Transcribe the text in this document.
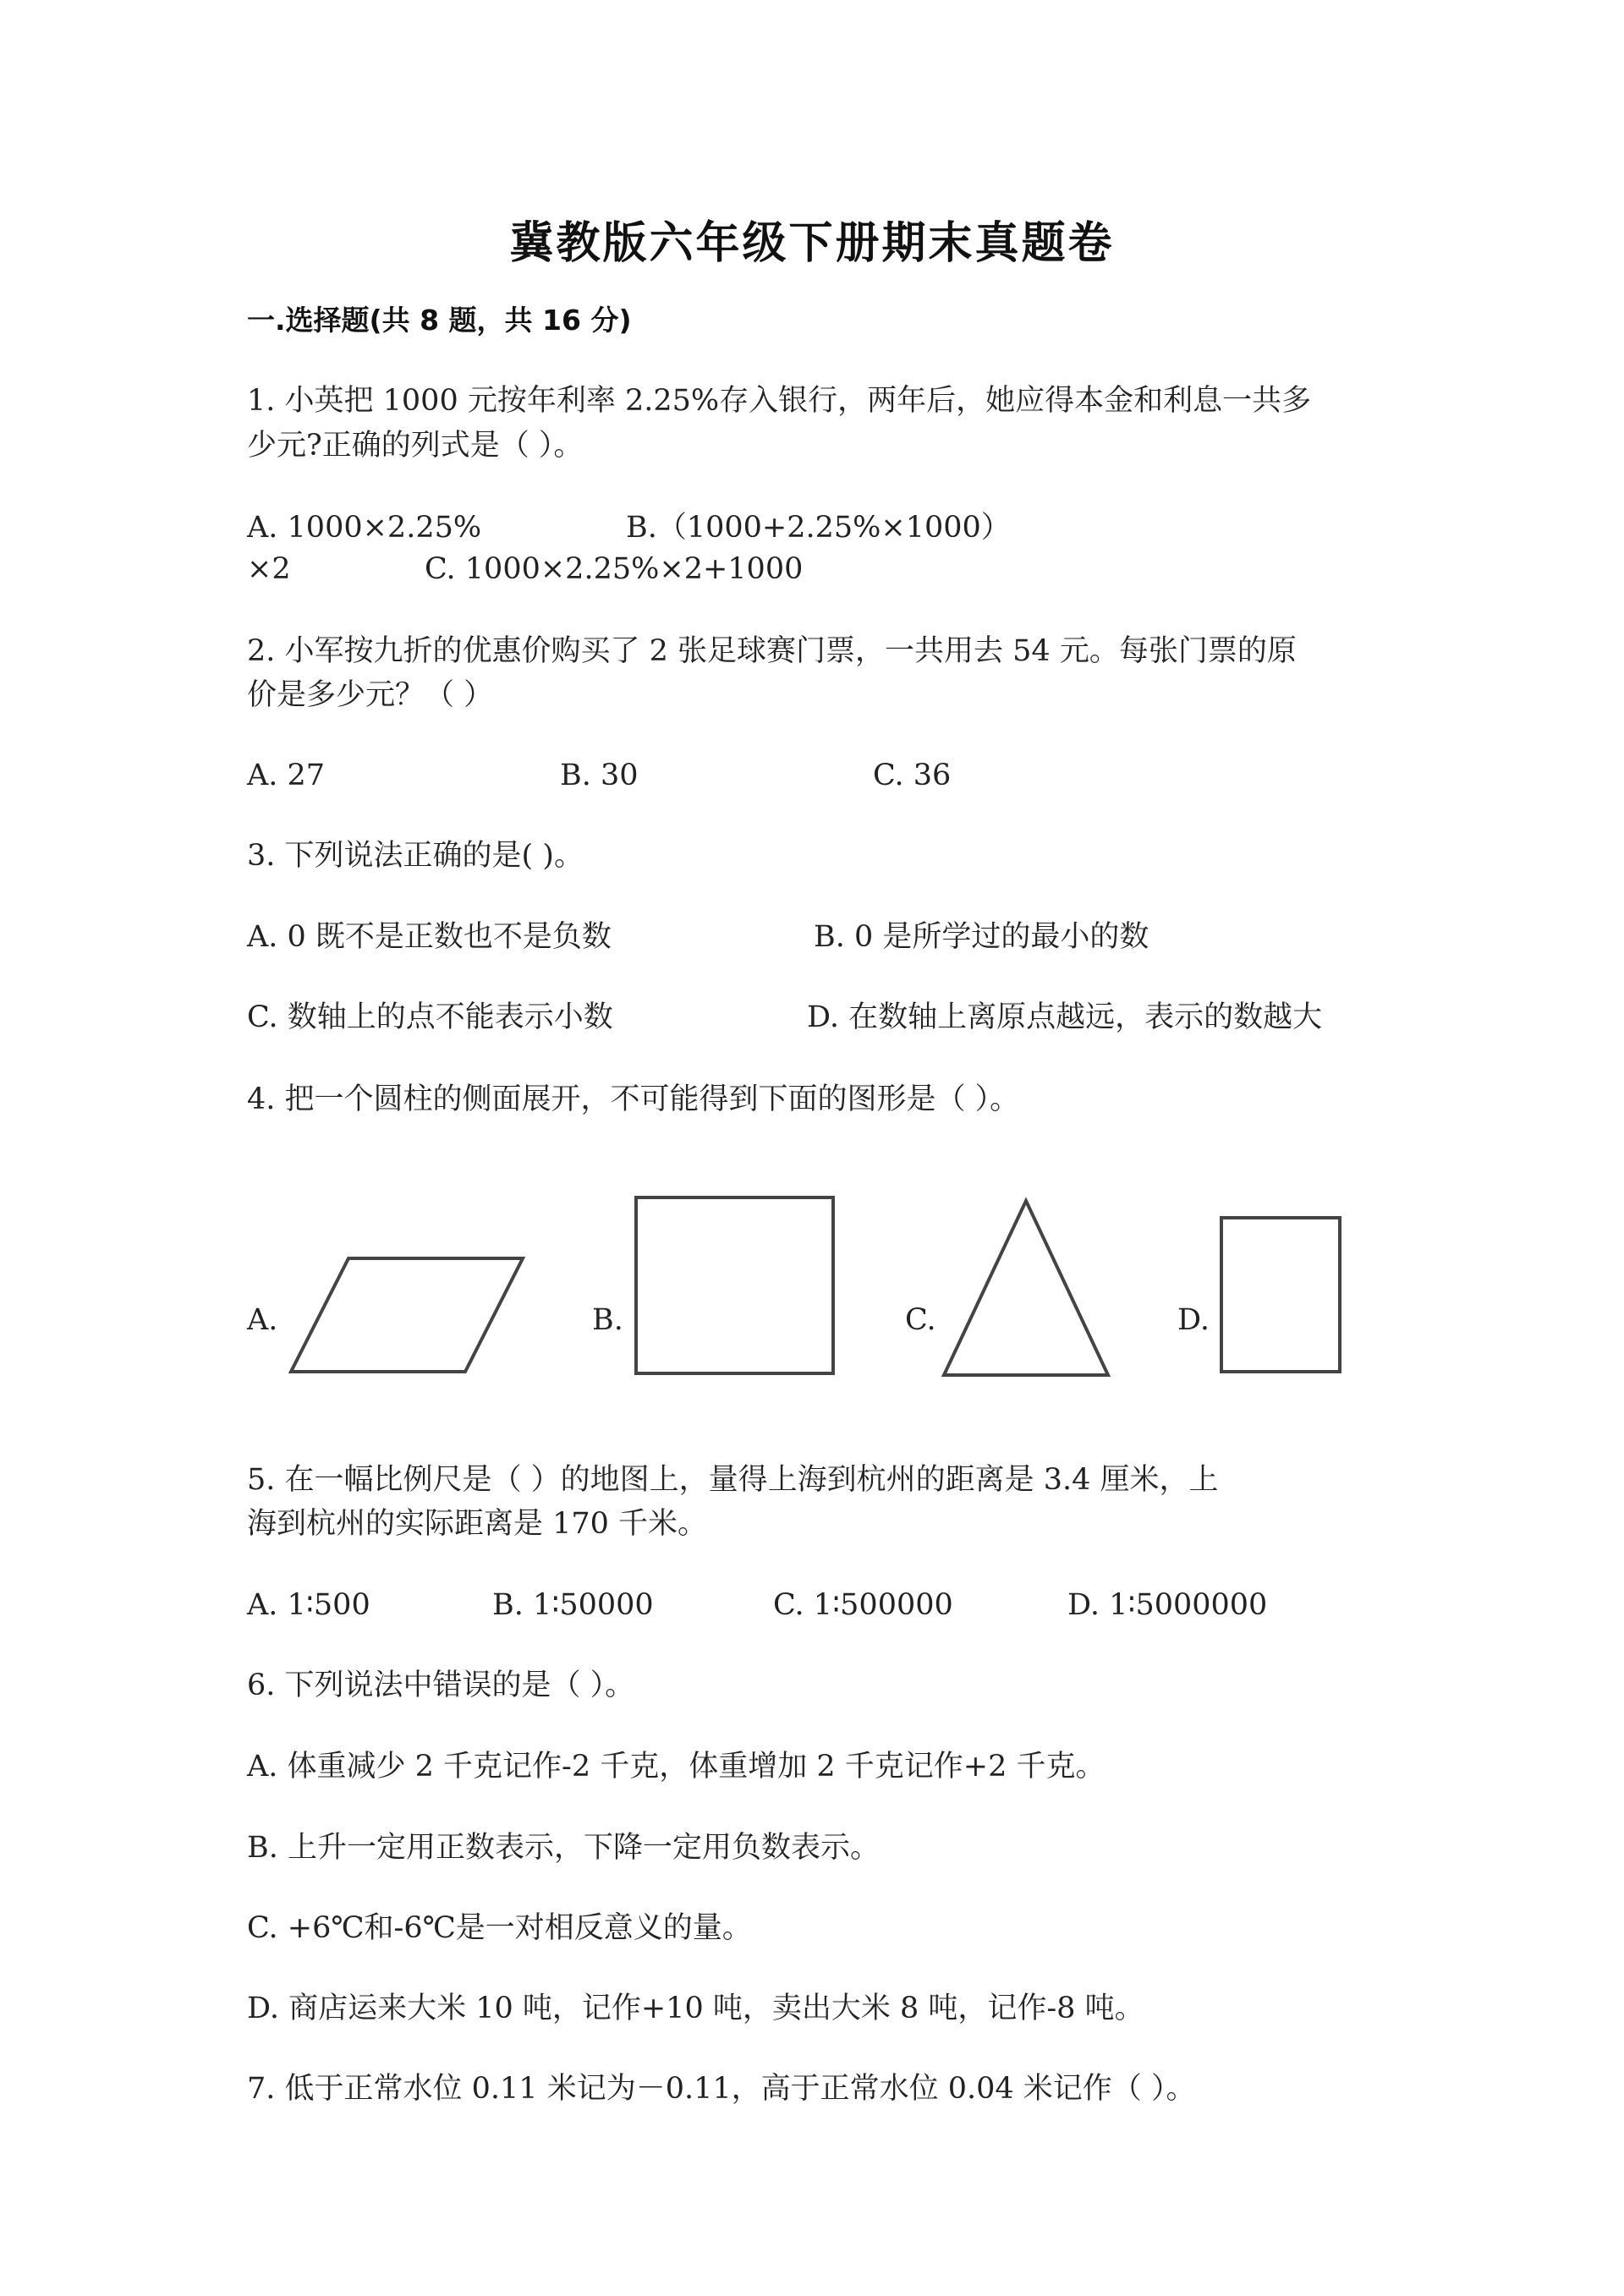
冀教版六年级下册期末真题卷
一.选择题(共 8 题，共 16 分)
1. 小英把 1000 元按年利率 2.25%存入银行，两年后，她应得本金和利息一共多
少元?正确的列式是（ ）。
A. 1000×2.25%	B.（1000+2.25%×1000）
×2	C. 1000×2.25%×2+1000
2. 小军按九折的优惠价购买了 2 张足球赛门票，一共用去 54 元。每张门票的原
价是多少元？（ ）
A. 27	B. 30	C. 36
3. 下列说法正确的是( )。
A. 0 既不是正数也不是负数	B. 0 是所学过的最小的数
C. 数轴上的点不能表示小数	D. 在数轴上离原点越远，表示的数越大
4. 把一个圆柱的侧面展开，不可能得到下面的图形是（ ）。
A.	B.	C.	D.
5. 在一幅比例尺是（ ）的地图上，量得上海到杭州的距离是 3.4 厘米，上
海到杭州的实际距离是 170 千米。
A. 1∶500	B. 1∶50000	C. 1∶500000	D. 1∶5000000
6. 下列说法中错误的是（ ）。
A. 体重减少 2 千克记作-2 千克，体重增加 2 千克记作+2 千克。
B. 上升一定用正数表示，下降一定用负数表示。
C. +6℃和-6℃是一对相反意义的量。
D. 商店运来大米 10 吨，记作+10 吨，卖出大米 8 吨，记作-8 吨。
7. 低于正常水位 0.11 米记为－0.11，高于正常水位 0.04 米记作（ ）。
